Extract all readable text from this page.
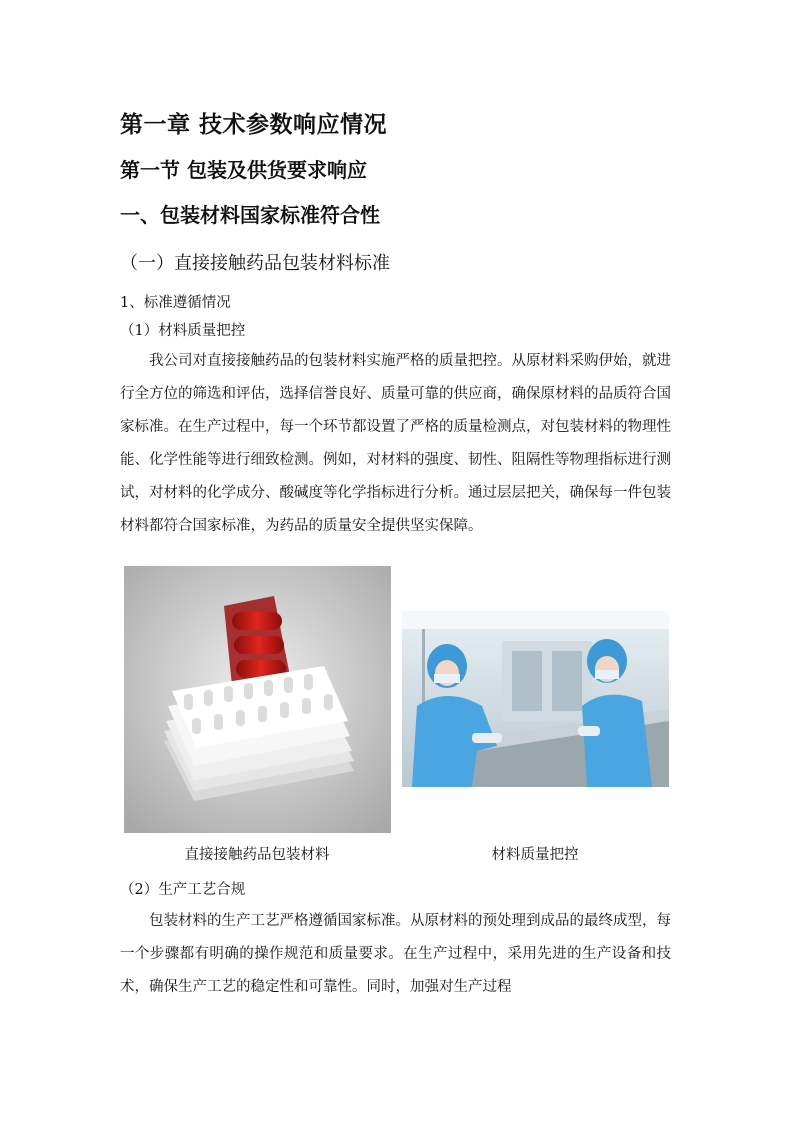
第一章 技术参数响应情况
第一节 包装及供货要求响应
一、包装材料国家标准符合性
（一）直接接触药品包装材料标准
1、标准遵循情况
（1）材料质量把控

我公司对直接接触药品的包装材料实施严格的质量把控。从原材料采购伊始，就进行全方位的筛选和评估，选择信誉良好、质量可靠的供应商，确保原材料的品质符合国家标准。在生产过程中，每一个环节都设置了严格的质量检测点，对包装材料的物理性能、化学性能等进行细致检测。例如，对材料的强度、韧性、阻隔性等物理指标进行测试，对材料的化学成分、酸碱度等化学指标进行分析。通过层层把关，确保每一件包装材料都符合国家标准，为药品的质量安全提供坚实保障。

直接接触药品包装材料	材料质量把控
（2）生产工艺合规

包装材料的生产工艺严格遵循国家标准。从原材料的预处理到成品的最终成型，每一个步骤都有明确的操作规范和质量要求。在生产过程中，采用先进的生产设备和技术，确保生产工艺的稳定性和可靠性。同时，加强对生产过程
